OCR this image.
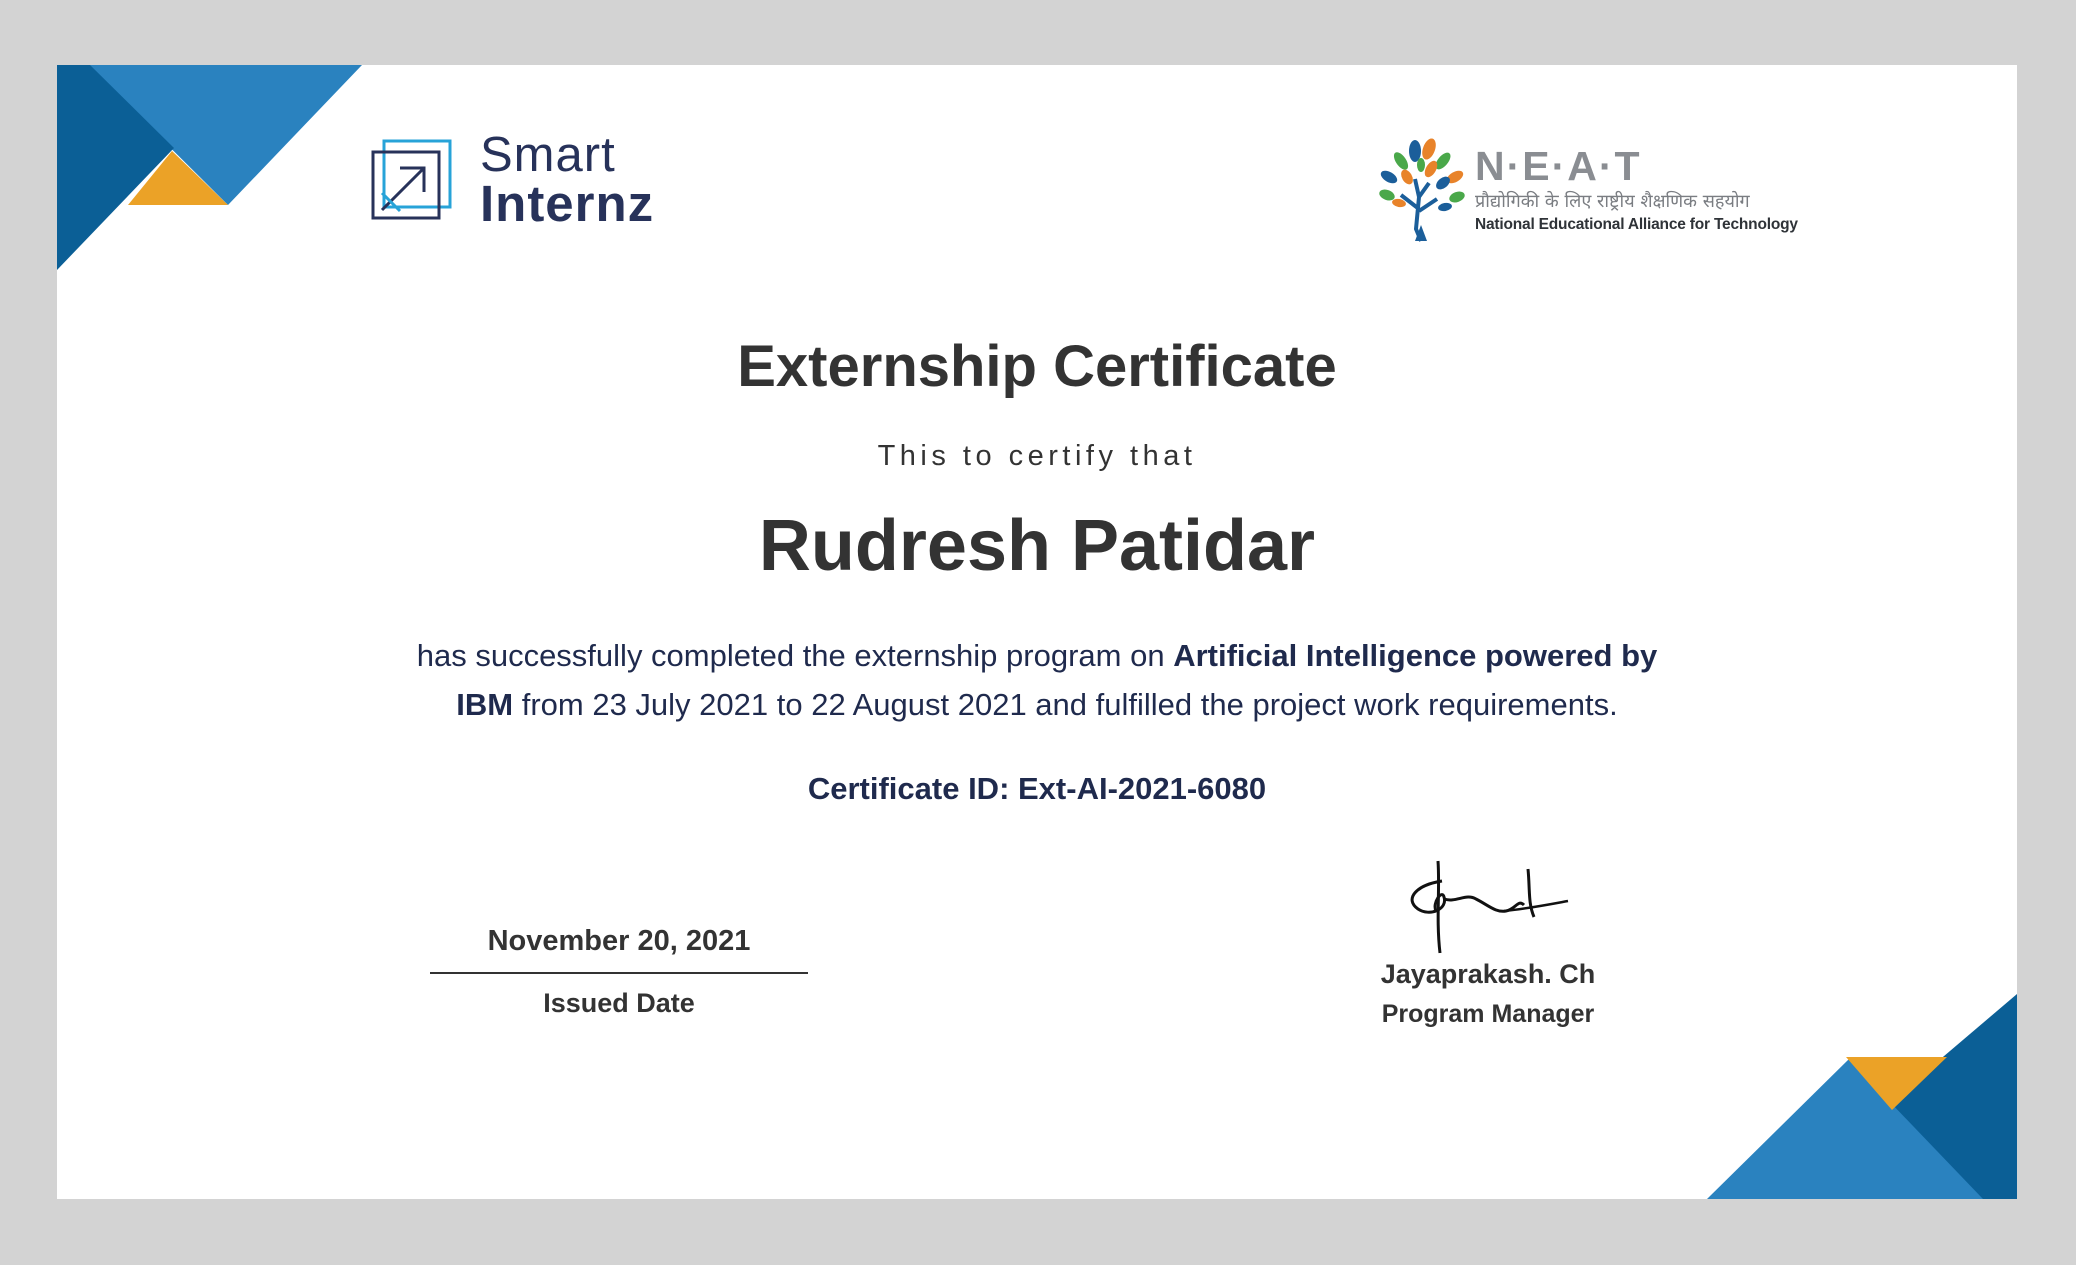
Smart
Internz
N·E·A·T
प्रौद्योगिकी के लिए राष्ट्रीय शैक्षणिक सहयोग
National Educational Alliance for Technology
Externship Certificate
This to certify that
Rudresh Patidar
has successfully completed the externship program on Artificial Intelligence powered by IBM from 23 July 2021 to 22 August 2021 and fulfilled the project work requirements.
Certificate ID: Ext-AI-2021-6080
November 20, 2021
Issued Date
Jayaprakash. Ch
Program Manager
